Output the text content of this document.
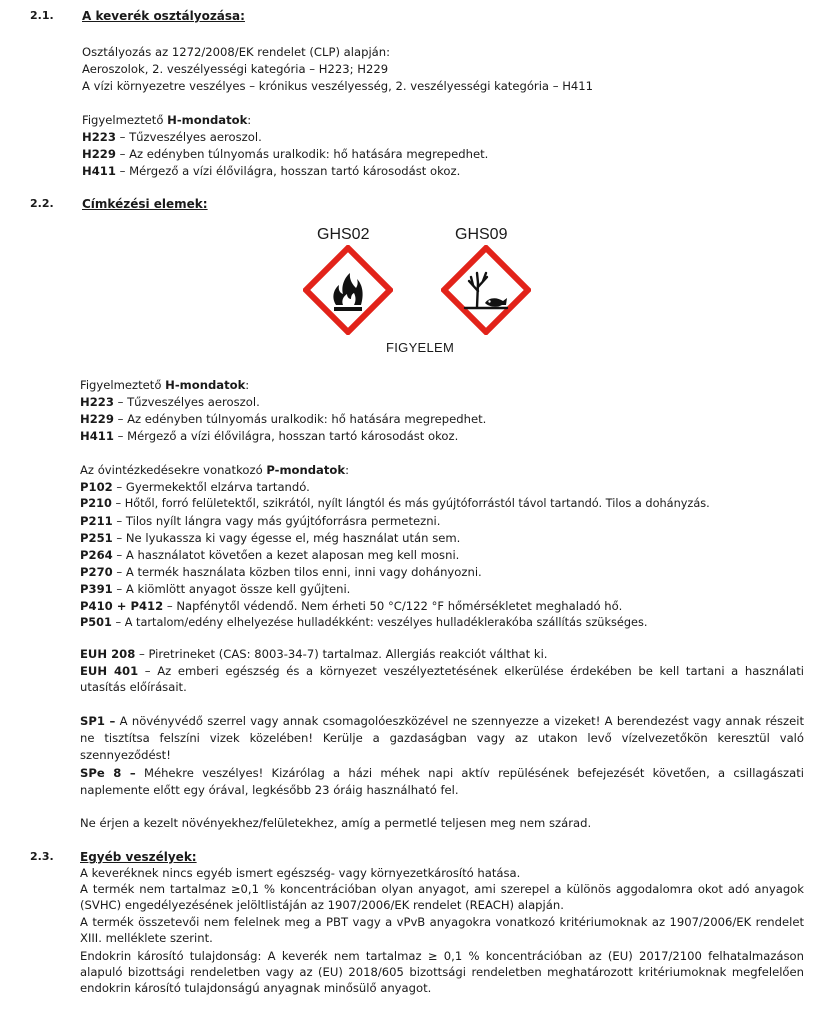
2.1. A keverék osztályozása:
Osztályozás az 1272/2008/EK rendelet (CLP) alapján:
Aeroszolok, 2. veszélyességi kategória – H223; H229
A vízi környezetre veszélyes – krónikus veszélyesség, 2. veszélyességi kategória – H411
Figyelmeztető H-mondatok:
H223 – Tűzveszélyes aeroszol.
H229 – Az edényben túlnyomás uralkodik: hő hatására megrepedhet.
H411 – Mérgező a vízi élővilágra, hosszan tartó károsodást okoz.
2.2. Címkézési elemek:
GHS02	GHS09
FIGYELEM
Figyelmeztető H-mondatok:
H223 – Tűzveszélyes aeroszol.
H229 – Az edényben túlnyomás uralkodik: hő hatására megrepedhet.
H411 – Mérgező a vízi élővilágra, hosszan tartó károsodást okoz.
Az óvintézkedésekre vonatkozó P-mondatok:
P102 – Gyermekektől elzárva tartandó.
P210 – Hőtől, forró felületektől, szikrától, nyílt lángtól és más gyújtóforrástól távol tartandó. Tilos a dohányzás.
P211 – Tilos nyílt lángra vagy más gyújtóforrásra permetezni.
P251 – Ne lyukassza ki vagy égesse el, még használat után sem.
P264 – A használatot követően a kezet alaposan meg kell mosni.
P270 – A termék használata közben tilos enni, inni vagy dohányozni.
P391 – A kiömlött anyagot össze kell gyűjteni.
P410 + P412 – Napfénytől védendő. Nem érheti 50 °C/122 °F hőmérsékletet meghaladó hő.
P501 – A tartalom/edény elhelyezése hulladékként: veszélyes hulladéklerakóba szállítás szükséges.
EUH 208 – Piretrineket (CAS: 8003-34-7) tartalmaz. Allergiás reakciót válthat ki.
EUH 401 – Az emberi egészség és a környezet veszélyeztetésének elkerülése érdekében be kell tartani a használati utasítás előírásait.
SP1 – A növényvédő szerrel vagy annak csomagolóeszközével ne szennyezze a vizeket! A berendezést vagy annak részeit ne tisztítsa felszíni vizek közelében! Kerülje a gazdaságban vagy az utakon levő vízelvezetőkön keresztül való szennyeződést!
SPe 8 – Méhekre veszélyes! Kizárólag a házi méhek napi aktív repülésének befejezését követően, a csillagászati naplemente előtt egy órával, legkésőbb 23 óráig használható fel.
Ne érjen a kezelt növényekhez/felületekhez, amíg a permetlé teljesen meg nem szárad.
2.3. Egyéb veszélyek:
A keveréknek nincs egyéb ismert egészség- vagy környezetkárosító hatása.
A termék nem tartalmaz ≥0,1 % koncentrációban olyan anyagot, ami szerepel a különös aggodalomra okot adó anyagok (SVHC) engedélyezésének jelöltlistáján az 1907/2006/EK rendelet (REACH) alapján.
A termék összetevői nem felelnek meg a PBT vagy a vPvB anyagokra vonatkozó kritériumoknak az 1907/2006/EK rendelet XIII. melléklete szerint.
Endokrin károsító tulajdonság: A keverék nem tartalmaz ≥ 0,1 % koncentrációban az (EU) 2017/2100 felhatalmazáson alapuló bizottsági rendeletben vagy az (EU) 2018/605 bizottsági rendeletben meghatározott kritériumoknak megfelelően endokrin károsító tulajdonságú anyagnak minősülő anyagot.
